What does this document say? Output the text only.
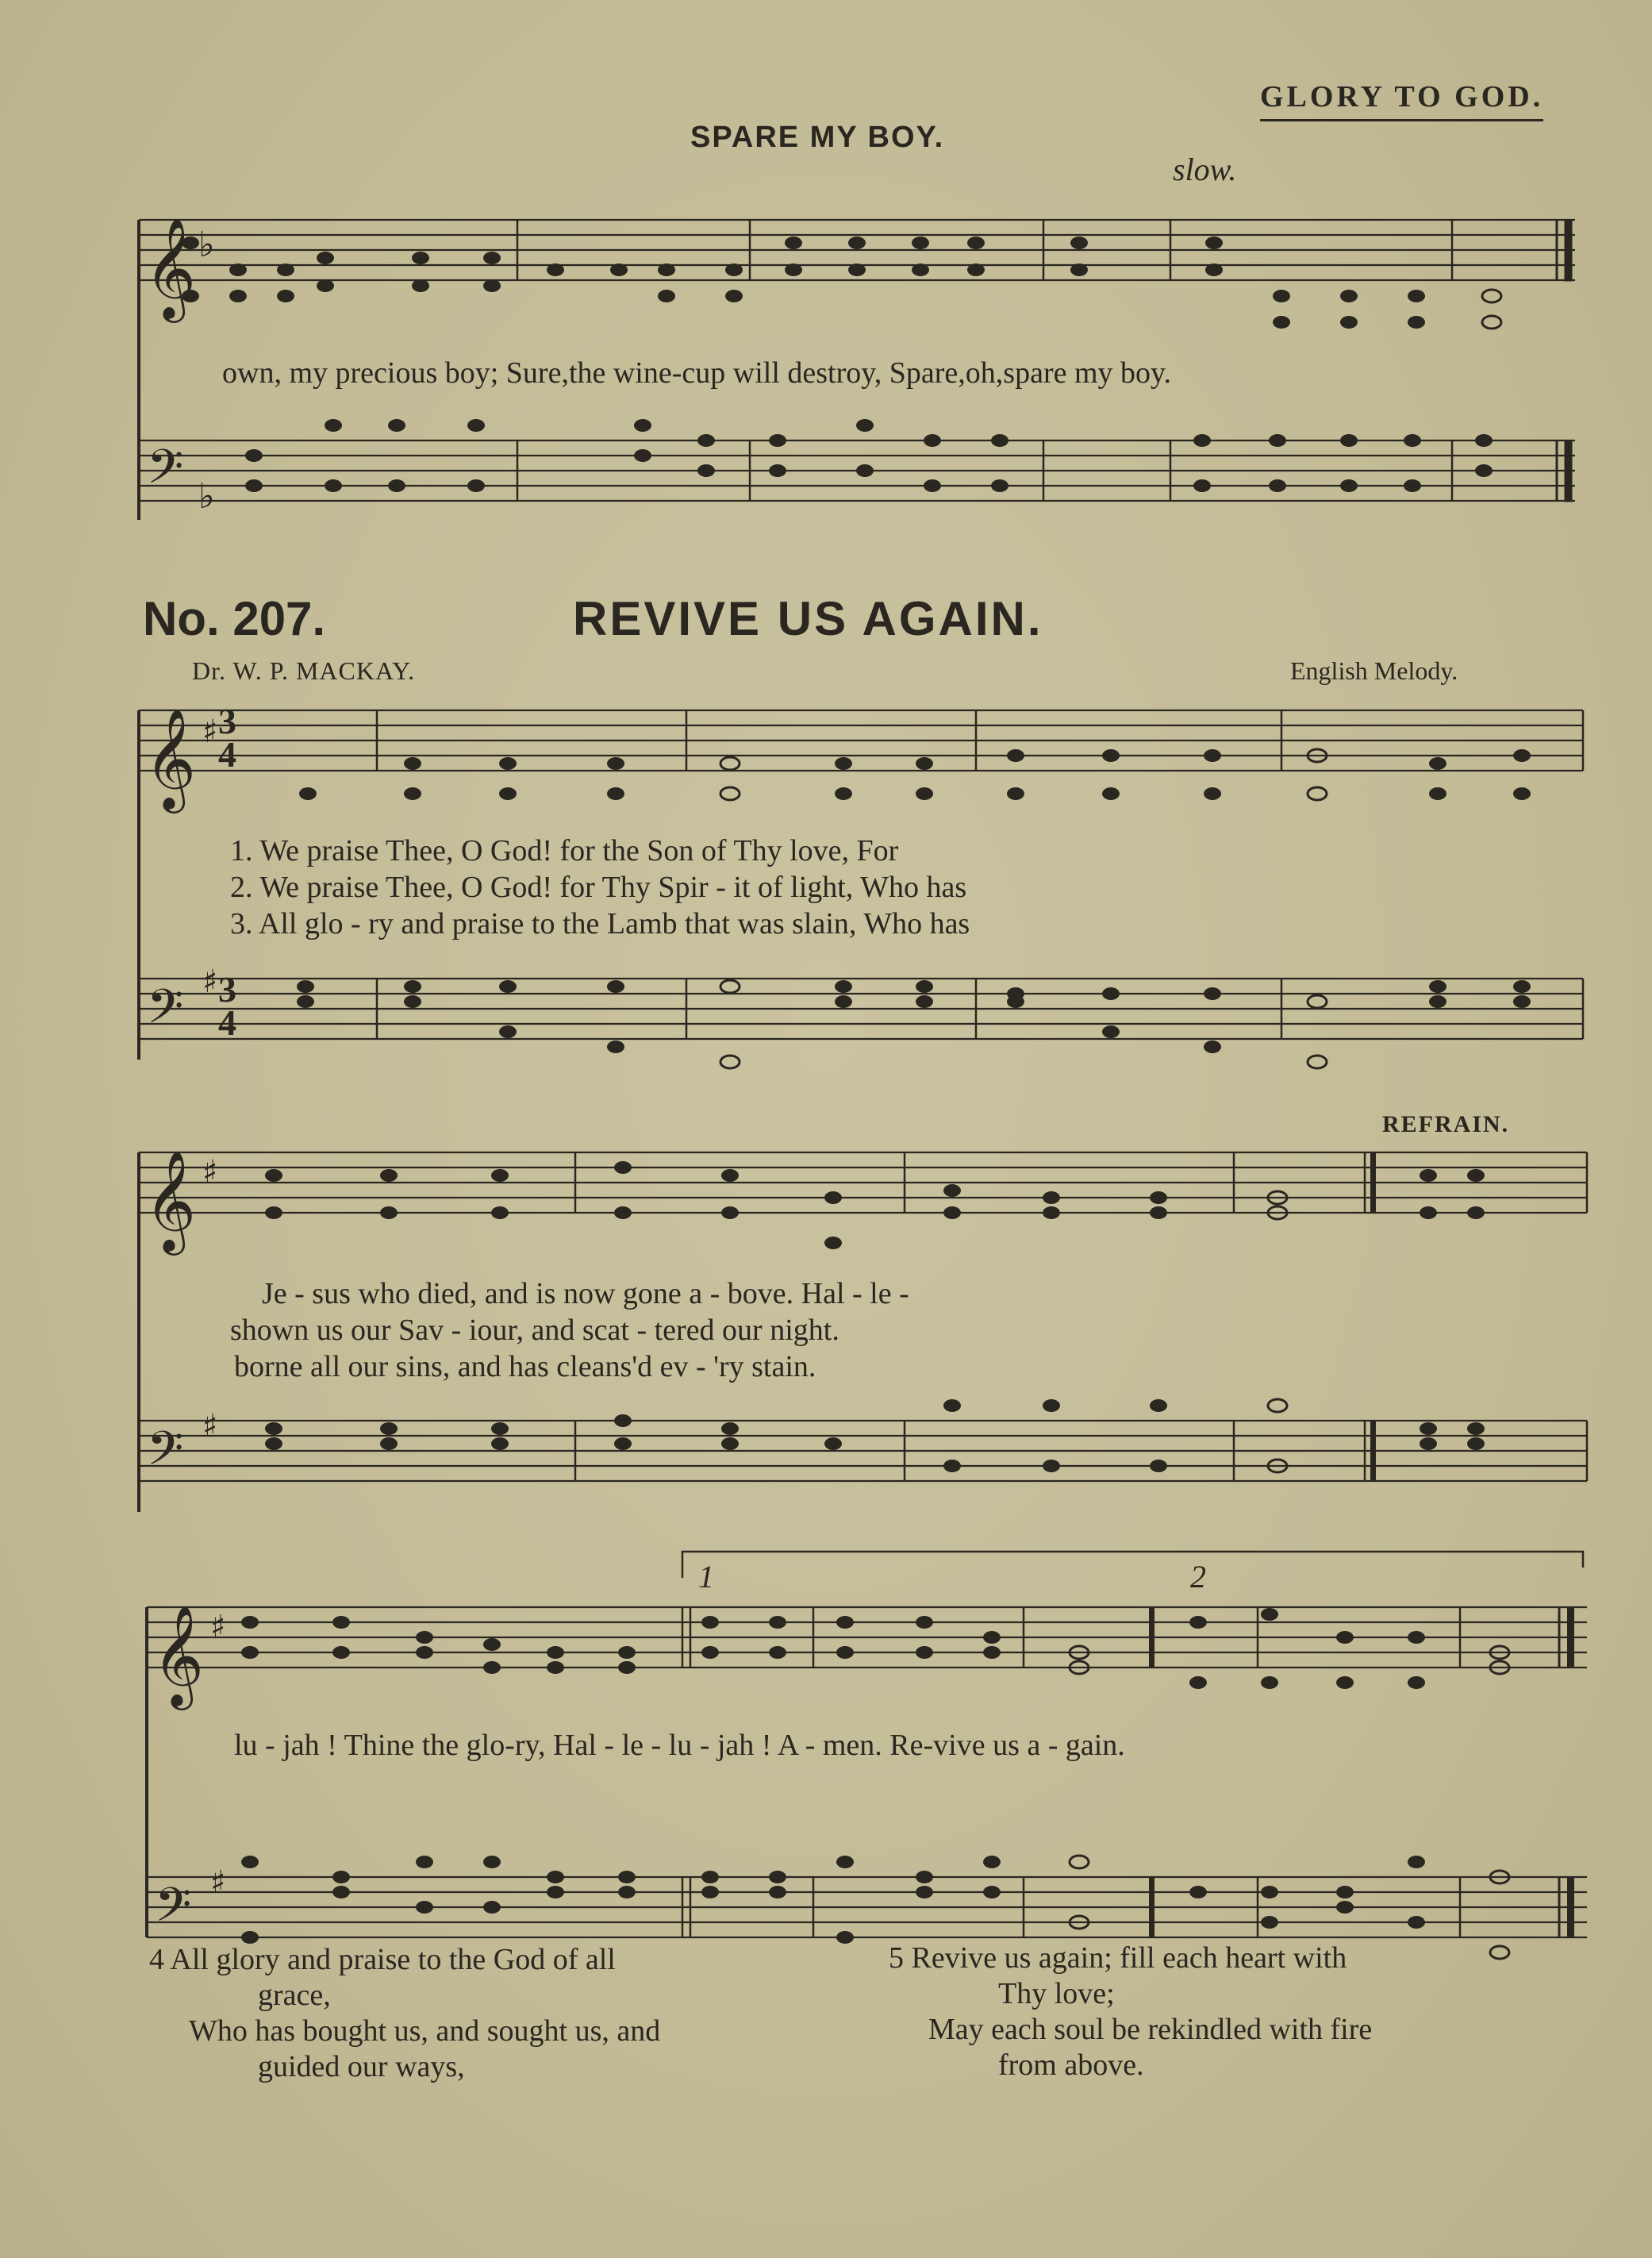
𝄞
𝄢
𝄞
𝄢
𝄞
𝄢
𝄞
𝄢
♭
♭
♯
♯
♯
♯
♯
♯
GLORY TO GOD.
SPARE MY BOY.
slow.
own, my precious boy; Sure,the wine-cup will destroy, Spare,oh,spare my boy.
No. 207.	REVIVE US AGAIN.
Dr. W. P. MACKAY.	English Melody.
3
4
3
4
1. We praise Thee, O God! for the Son of Thy love, For
2. We praise Thee, O God! for Thy Spir - it of light, Who has
3. All glo - ry and praise to the Lamb that was slain, Who has
REFRAIN.
Je - sus who died, and is now gone a - bove. Hal - le -
shown us our Sav - iour, and scat - tered our night.
borne all our sins, and has cleans'd ev - 'ry stain.
1	2
lu - jah ! Thine the glo-ry, Hal - le - lu - jah ! A - men. Re-vive us a - gain.
4 All glory and praise to the God of all
grace,
Who has bought us, and sought us, and
guided our ways,
5 Revive us again; fill each heart with
Thy love;
May each soul be rekindled with fire
from above.
